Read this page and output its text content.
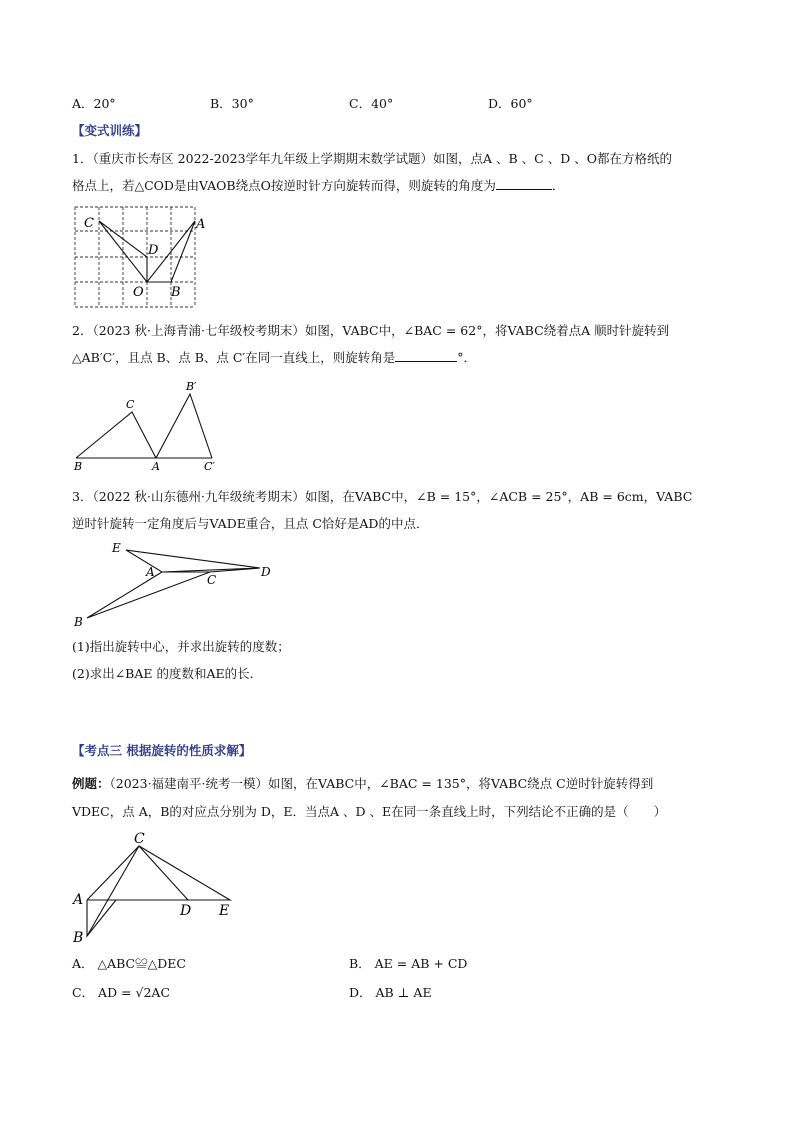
A．20°	B．30°	C．40°	D．60°
【变式训练】
1．（重庆市长寿区 2022-2023学年九年级上学期期末数学试题）如图，点A 、B 、C 、D 、O都在方格纸的
格点上，若△COD是由VAOB绕点O按逆时针方向旋转而得，则旋转的角度为	．
C	A
D
O B
2．（2023 秋·上海青浦·七年级校考期末）如图，VABC中，∠BAC = 62°，将VABC绕着点A 顺时针旋转到
△AB′C′，且点 B、点 B、点 C′在同一直线上，则旋转角是	°．
C
B′
B	A	C′
3．（2022 秋·山东德州·九年级统考期末）如图，在VABC中，∠B = 15°，∠ACB = 25°，AB = 6cm，VABC
逆时针旋转一定角度后与VADE重合，且点 C恰好是AD的中点．
E
A
C
D
B
(1)指出旋转中心，并求出旋转的度数；
(2)求出∠BAE 的度数和AE的长．
【考点三 根据旋转的性质求解】
例题：（2023·福建南平·统考一模）如图，在VABC中，∠BAC = 135°，将VABC绕点 C逆时针旋转得到
VDEC，点 A，B的对应点分别为 D，E．当点A 、D 、E在同一条直线上时，下列结论不正确的是（　　）
C
A
D E
B
A． △ABC≌△DEC	B． AE = AB + CD
C． AD = √2AC	D． AB ⊥ AE
